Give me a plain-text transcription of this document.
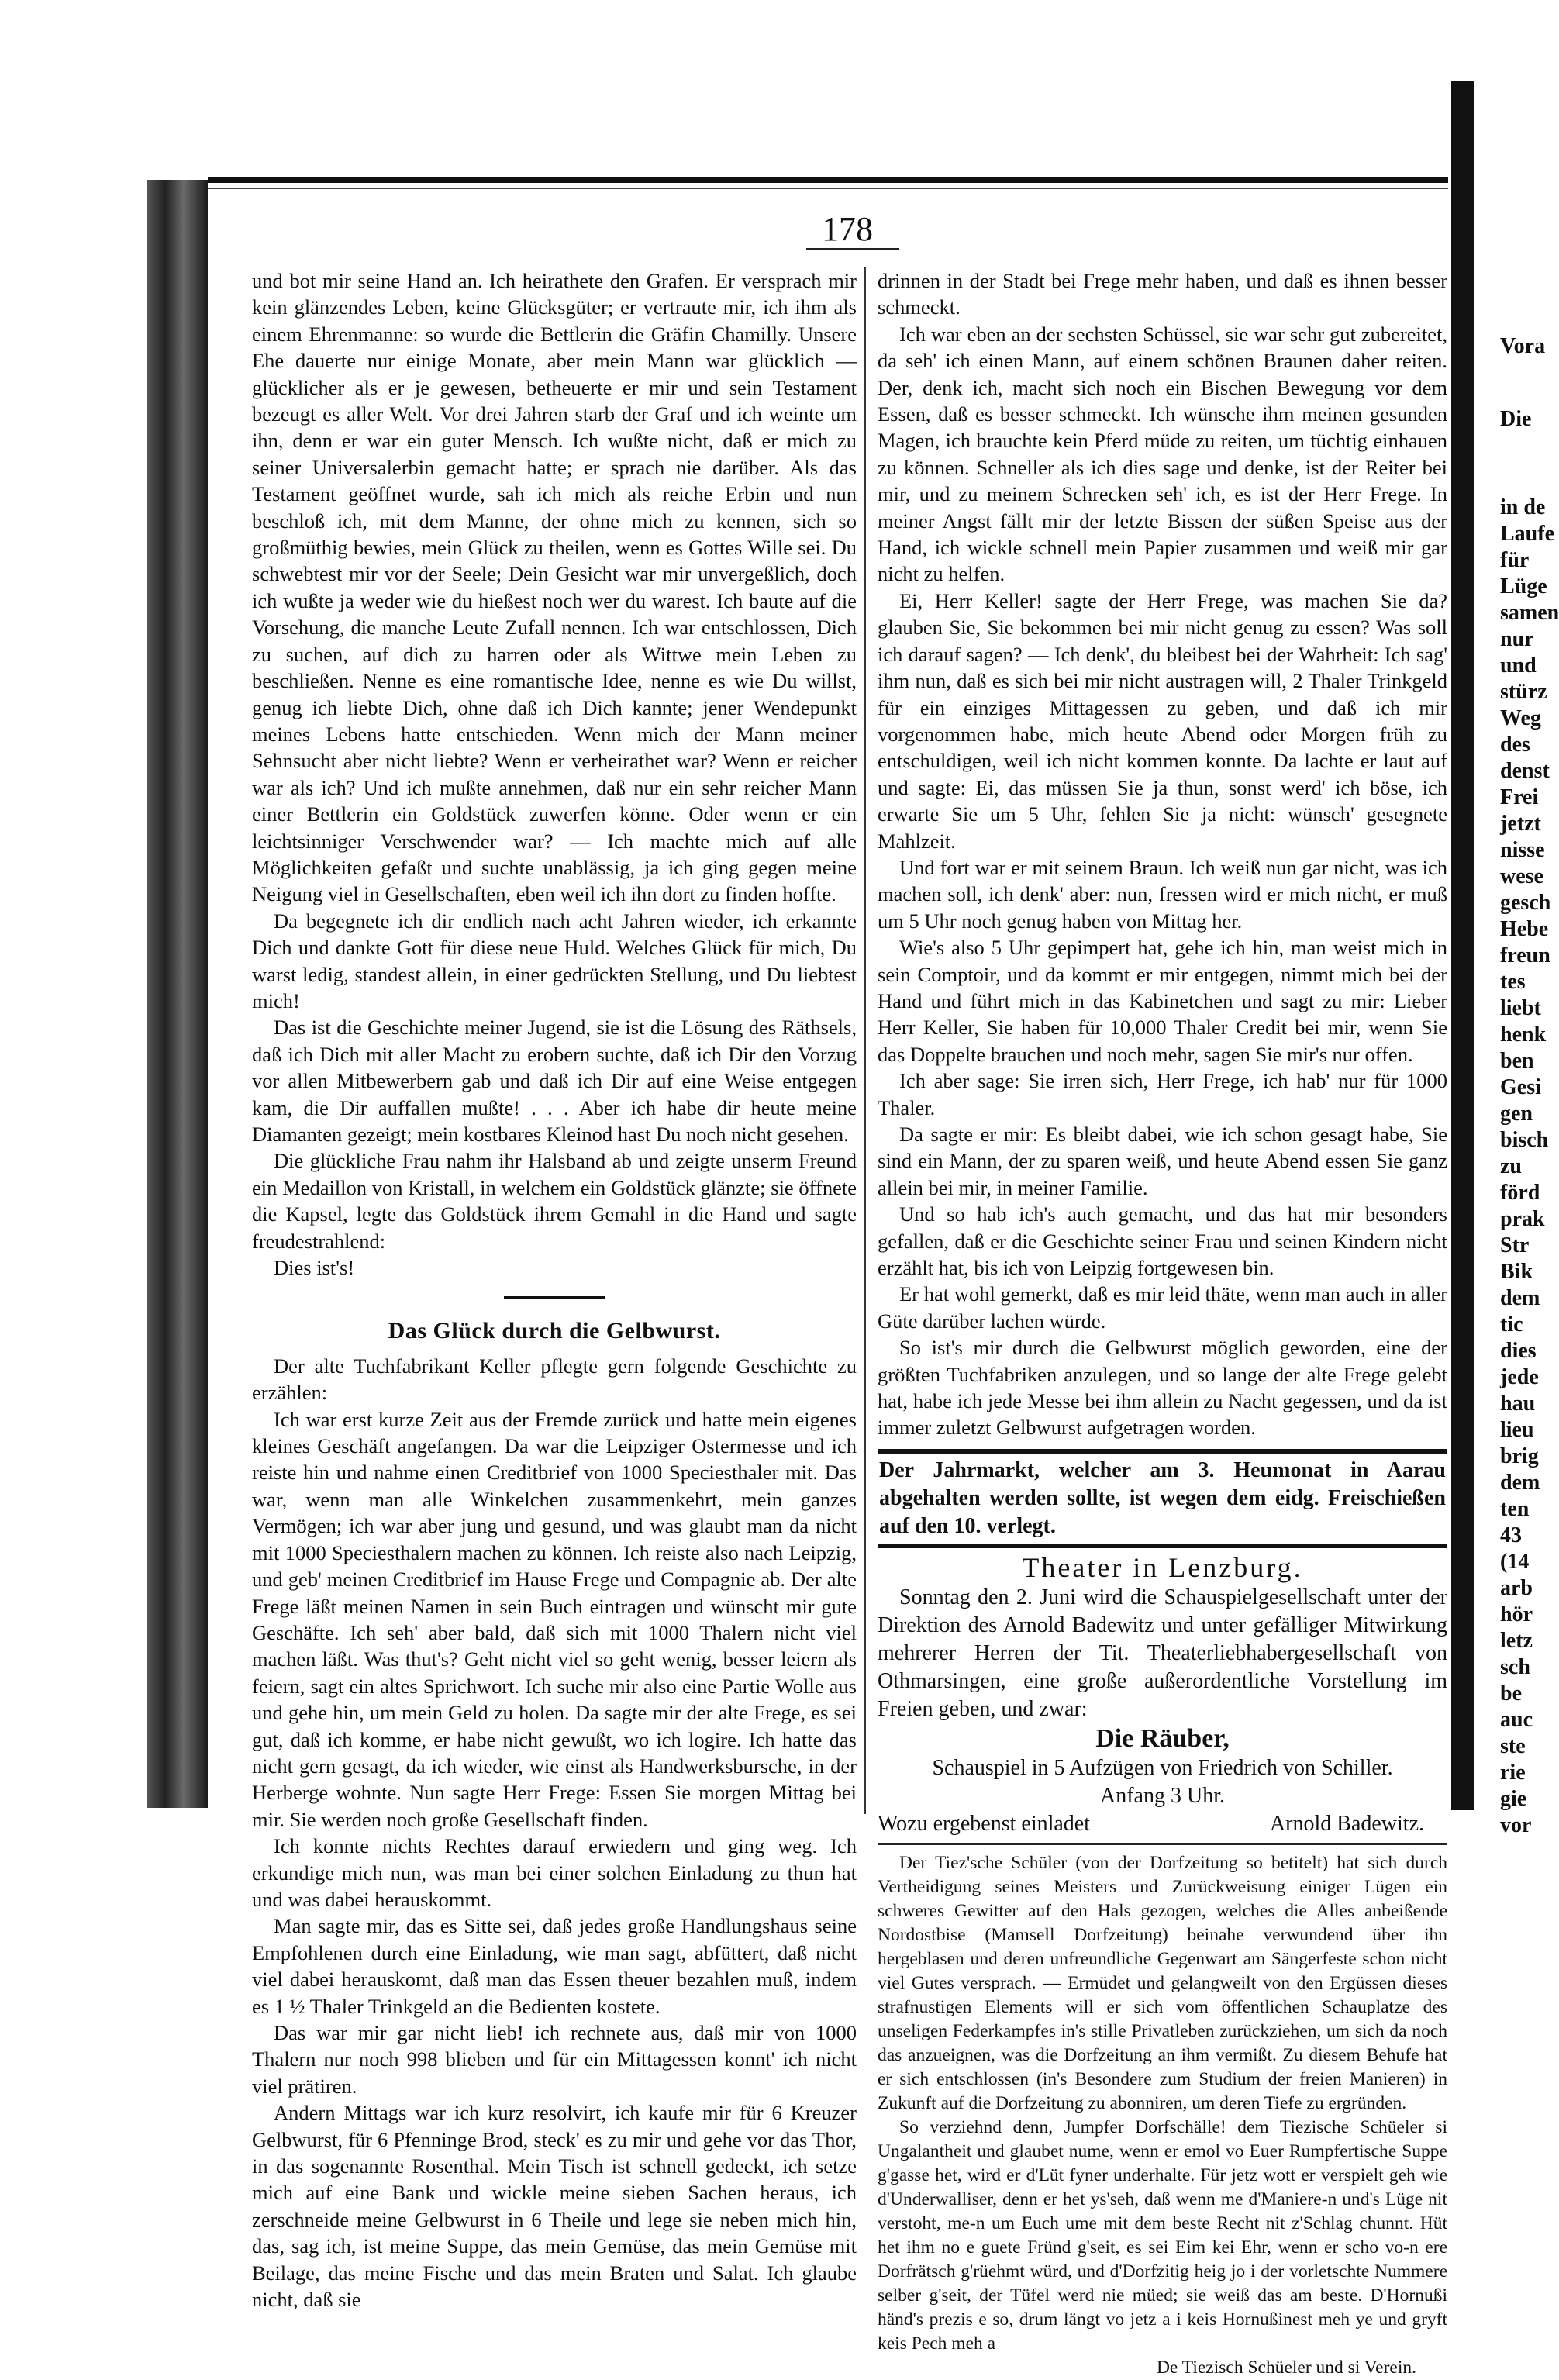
178

und bot mir seine Hand an. Ich heirathete den Grafen. Er versprach mir kein glänzendes Leben, keine Glücksgüter; er vertraute mir, ich ihm als einem Ehrenmanne: so wurde die Bettlerin die Gräfin Chamilly. Unsere Ehe dauerte nur einige Monate, aber mein Mann war glücklich — glücklicher als er je gewesen, betheuerte er mir und sein Testament bezeugt es aller Welt. Vor drei Jahren starb der Graf und ich weinte um ihn, denn er war ein guter Mensch. Ich wußte nicht, daß er mich zu seiner Universalerbin gemacht hatte; er sprach nie darüber. Als das Testament geöffnet wurde, sah ich mich als reiche Erbin und nun beschloß ich, mit dem Manne, der ohne mich zu kennen, sich so großmüthig bewies, mein Glück zu theilen, wenn es Gottes Wille sei. Du schwebtest mir vor der Seele; Dein Gesicht war mir unvergeßlich, doch ich wußte ja weder wie du hießest noch wer du warest. Ich baute auf die Vorsehung, die manche Leute Zufall nennen. Ich war entschlossen, Dich zu suchen, auf dich zu harren oder als Wittwe mein Leben zu beschließen. Nenne es eine romantische Idee, nenne es wie Du willst, genug ich liebte Dich, ohne daß ich Dich kannte; jener Wendepunkt meines Lebens hatte entschieden. Wenn mich der Mann meiner Sehnsucht aber nicht liebte? Wenn er verheirathet war? Wenn er reicher war als ich? Und ich mußte annehmen, daß nur ein sehr reicher Mann einer Bettlerin ein Goldstück zuwerfen könne. Oder wenn er ein leichtsinniger Verschwender war? — Ich machte mich auf alle Möglichkeiten gefaßt und suchte unablässig, ja ich ging gegen meine Neigung viel in Gesellschaften, eben weil ich ihn dort zu finden hoffte.

Da begegnete ich dir endlich nach acht Jahren wieder, ich erkannte Dich und dankte Gott für diese neue Huld. Welches Glück für mich, Du warst ledig, standest allein, in einer gedrückten Stellung, und Du liebtest mich!

Das ist die Geschichte meiner Jugend, sie ist die Lösung des Räthsels, daß ich Dich mit aller Macht zu erobern suchte, daß ich Dir den Vorzug vor allen Mitbewerbern gab und daß ich Dir auf eine Weise entgegen kam, die Dir auffallen mußte! . . . Aber ich habe dir heute meine Diamanten gezeigt; mein kostbares Kleinod hast Du noch nicht gesehen.

Die glückliche Frau nahm ihr Halsband ab und zeigte unserm Freund ein Medaillon von Kristall, in welchem ein Goldstück glänzte; sie öffnete die Kapsel, legte das Goldstück ihrem Gemahl in die Hand und sagte freudestrahlend:

Dies ist's!

Das Glück durch die Gelbwurst.

Der alte Tuchfabrikant Keller pflegte gern folgende Geschichte zu erzählen:

Ich war erst kurze Zeit aus der Fremde zurück und hatte mein eigenes kleines Geschäft angefangen. Da war die Leipziger Ostermesse und ich reiste hin und nahme einen Creditbrief von 1000 Speciesthaler mit. Das war, wenn man alle Winkelchen zusammenkehrt, mein ganzes Vermögen; ich war aber jung und gesund, und was glaubt man da nicht mit 1000 Speciesthalern machen zu können. Ich reiste also nach Leipzig, und geb' meinen Creditbrief im Hause Frege und Compagnie ab. Der alte Frege läßt meinen Namen in sein Buch eintragen und wünscht mir gute Geschäfte. Ich seh' aber bald, daß sich mit 1000 Thalern nicht viel machen läßt. Was thut's? Geht nicht viel so geht wenig, besser leiern als feiern, sagt ein altes Sprichwort. Ich suche mir also eine Partie Wolle aus und gehe hin, um mein Geld zu holen. Da sagte mir der alte Frege, es sei gut, daß ich komme, er habe nicht gewußt, wo ich logire. Ich hatte das nicht gern gesagt, da ich wieder, wie einst als Handwerksbursche, in der Herberge wohnte. Nun sagte Herr Frege: Essen Sie morgen Mittag bei mir. Sie werden noch große Gesellschaft finden.

Ich konnte nichts Rechtes darauf erwiedern und ging weg. Ich erkundige mich nun, was man bei einer solchen Einladung zu thun hat und was dabei herauskommt.

Man sagte mir, das es Sitte sei, daß jedes große Handlungshaus seine Empfohlenen durch eine Einladung, wie man sagt, abfüttert, daß nicht viel dabei herauskomt, daß man das Essen theuer bezahlen muß, indem es 1 ½ Thaler Trinkgeld an die Bedienten kostete.

Das war mir gar nicht lieb! ich rechnete aus, daß mir von 1000 Thalern nur noch 998 blieben und für ein Mittagessen konnt' ich nicht viel prätiren.

Andern Mittags war ich kurz resolvirt, ich kaufe mir für 6 Kreuzer Gelbwurst, für 6 Pfenninge Brod, steck' es zu mir und gehe vor das Thor, in das sogenannte Rosenthal. Mein Tisch ist schnell gedeckt, ich setze mich auf eine Bank und wickle meine sieben Sachen heraus, ich zerschneide meine Gelbwurst in 6 Theile und lege sie neben mich hin, das, sag ich, ist meine Suppe, das mein Gemüse, das mein Gemüse mit Beilage, das meine Fische und das mein Braten und Salat. Ich glaube nicht, daß sie

drinnen in der Stadt bei Frege mehr haben, und daß es ihnen besser schmeckt.

Ich war eben an der sechsten Schüssel, sie war sehr gut zubereitet, da seh' ich einen Mann, auf einem schönen Braunen daher reiten. Der, denk ich, macht sich noch ein Bischen Bewegung vor dem Essen, daß es besser schmeckt. Ich wünsche ihm meinen gesunden Magen, ich brauchte kein Pferd müde zu reiten, um tüchtig einhauen zu können. Schneller als ich dies sage und denke, ist der Reiter bei mir, und zu meinem Schrecken seh' ich, es ist der Herr Frege. In meiner Angst fällt mir der letzte Bissen der süßen Speise aus der Hand, ich wickle schnell mein Papier zusammen und weiß mir gar nicht zu helfen.

Ei, Herr Keller! sagte der Herr Frege, was machen Sie da? glauben Sie, Sie bekommen bei mir nicht genug zu essen? Was soll ich darauf sagen? — Ich denk', du bleibest bei der Wahrheit: Ich sag' ihm nun, daß es sich bei mir nicht austragen will, 2 Thaler Trinkgeld für ein einziges Mittagessen zu geben, und daß ich mir vorgenommen habe, mich heute Abend oder Morgen früh zu entschuldigen, weil ich nicht kommen konnte. Da lachte er laut auf und sagte: Ei, das müssen Sie ja thun, sonst werd' ich böse, ich erwarte Sie um 5 Uhr, fehlen Sie ja nicht: wünsch' gesegnete Mahlzeit.

Und fort war er mit seinem Braun. Ich weiß nun gar nicht, was ich machen soll, ich denk' aber: nun, fressen wird er mich nicht, er muß um 5 Uhr noch genug haben von Mittag her.

Wie's also 5 Uhr gepimpert hat, gehe ich hin, man weist mich in sein Comptoir, und da kommt er mir entgegen, nimmt mich bei der Hand und führt mich in das Kabinetchen und sagt zu mir: Lieber Herr Keller, Sie haben für 10,000 Thaler Credit bei mir, wenn Sie das Doppelte brauchen und noch mehr, sagen Sie mir's nur offen.

Ich aber sage: Sie irren sich, Herr Frege, ich hab' nur für 1000 Thaler.

Da sagte er mir: Es bleibt dabei, wie ich schon gesagt habe, Sie sind ein Mann, der zu sparen weiß, und heute Abend essen Sie ganz allein bei mir, in meiner Familie.

Und so hab ich's auch gemacht, und das hat mir besonders gefallen, daß er die Geschichte seiner Frau und seinen Kindern nicht erzählt hat, bis ich von Leipzig fortgewesen bin.

Er hat wohl gemerkt, daß es mir leid thäte, wenn man auch in aller Güte darüber lachen würde.

So ist's mir durch die Gelbwurst möglich geworden, eine der größten Tuchfabriken anzulegen, und so lange der alte Frege gelebt hat, habe ich jede Messe bei ihm allein zu Nacht gegessen, und da ist immer zuletzt Gelbwurst aufgetragen worden.

Der Jahrmarkt, welcher am 3. Heumonat in Aarau abgehalten werden sollte, ist wegen dem eidg. Freischießen auf den 10. verlegt.
Theater in Lenzburg.

Sonntag den 2. Juni wird die Schauspielgesellschaft unter der Direktion des Arnold Badewitz und unter gefälliger Mitwirkung mehrerer Herren der Tit. Theaterliebhabergesellschaft von Othmarsingen, eine große außerordentliche Vorstellung im Freien geben, und zwar:

Die Räuber,

Schauspiel in 5 Aufzügen von Friedrich von Schiller.

Anfang 3 Uhr.

Wozu ergebenst einladet	Arnold Badewitz.

Der Tiez'sche Schüler (von der Dorfzeitung so betitelt) hat sich durch Vertheidigung seines Meisters und Zurückweisung einiger Lügen ein schweres Gewitter auf den Hals gezogen, welches die Alles anbeißende Nordostbise (Mamsell Dorfzeitung) beinahe verwundend über ihn hergeblasen und deren unfreundliche Gegenwart am Sängerfeste schon nicht viel Gutes versprach. — Ermüdet und gelangweilt von den Ergüssen dieses strafnustigen Elements will er sich vom öffentlichen Schauplatze des unseligen Federkampfes in's stille Privatleben zurückziehen, um sich da noch das anzueignen, was die Dorfzeitung an ihm vermißt. Zu diesem Behufe hat er sich entschlossen (in's Besondere zum Studium der freien Manieren) in Zukunft auf die Dorfzeitung zu abonniren, um deren Tiefe zu ergründen.

So verziehnd denn, Jumpfer Dorfschälle! dem Tiezische Schüeler si Ungalantheit und glaubet nume, wenn er emol vo Euer Rumpfertische Suppe g'gasse het, wird er d'Lüt fyner underhalte. Für jetz wott er verspielt geh wie d'Underwalliser, denn er het ys'seh, daß wenn me d'Maniere-n und's Lüge nit verstoht, me-n um Euch ume mit dem beste Recht nit z'Schlag chunnt. Hüt het ihm no e guete Fründ g'seit, es sei Eim kei Ehr, wenn er scho vo-n ere Dorfrätsch g'rüehmt würd, und d'Dorfzitig heig jo i der vorletschte Nummere selber g'seit, der Tüfel werd nie müed; sie weiß das am beste. D'Hornußi händ's prezis e so, drum längt vo jetz a i keis Hornußinest meh ye und gryft keis Pech meh a

De Tiezisch Schüeler und si Verein.

Vora
Die
in de
Laufe
für
Lüge
samen
nur
und
stürz
Weg
des
denst
Frei
jetzt
nisse
wese
gesch
Hebe
freun
tes
liebt
henk
ben
Gesi
gen
bisch
zu
förd
prak
Str
Bik
dem
tic
dies
jede
hau
lieu
brig
dem
ten
43
(14
arb
hör
letz
sch
be
auc
ste
rie
gie
vor
